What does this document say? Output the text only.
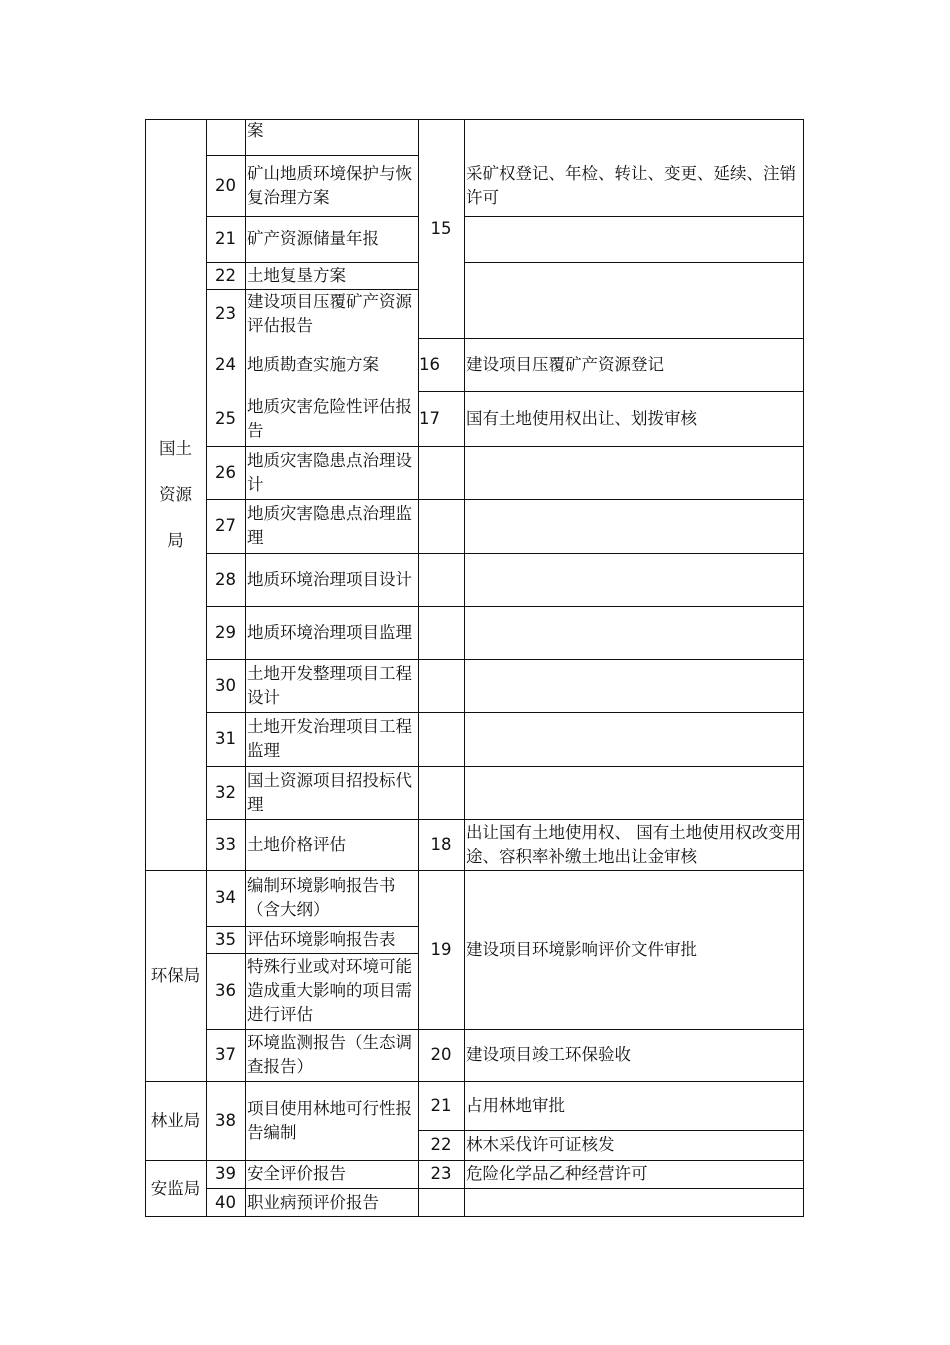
国土
资源
局
环保局
林业局
安监局
20
21
22
23
24
25
26
27
28
29
30
31
32
33
34
35
36
37
38
39
40
案
矿山地质环境保护与恢复治理方案
矿产资源储量年报
土地复垦方案
建设项目压覆矿产资源评估报告
地质勘查实施方案
地质灾害危险性评估报告
地质灾害隐患点治理设计
地质灾害隐患点治理监理
地质环境治理项目设计
地质环境治理项目监理
土地开发整理项目工程设计
土地开发治理项目工程监理
国土资源项目招投标代理
土地价格评估
编制环境影响报告书（含大纲）
评估环境影响报告表
特殊行业或对环境可能造成重大影响的项目需进行评估
环境监测报告（生态调查报告）
项目使用林地可行性报告编制
安全评价报告
职业病预评价报告
15
16
17
18
19
20
21
22
23
采矿权登记、年检、转让、变更、延续、注销许可
建设项目压覆矿产资源登记
国有土地使用权出让、划拨审核
出让国有土地使用权、 国有土地使用权改变用途、容积率补缴土地出让金审核
建设项目环境影响评价文件审批
建设项目竣工环保验收
占用林地审批
林木采伐许可证核发
危险化学品乙种经营许可
